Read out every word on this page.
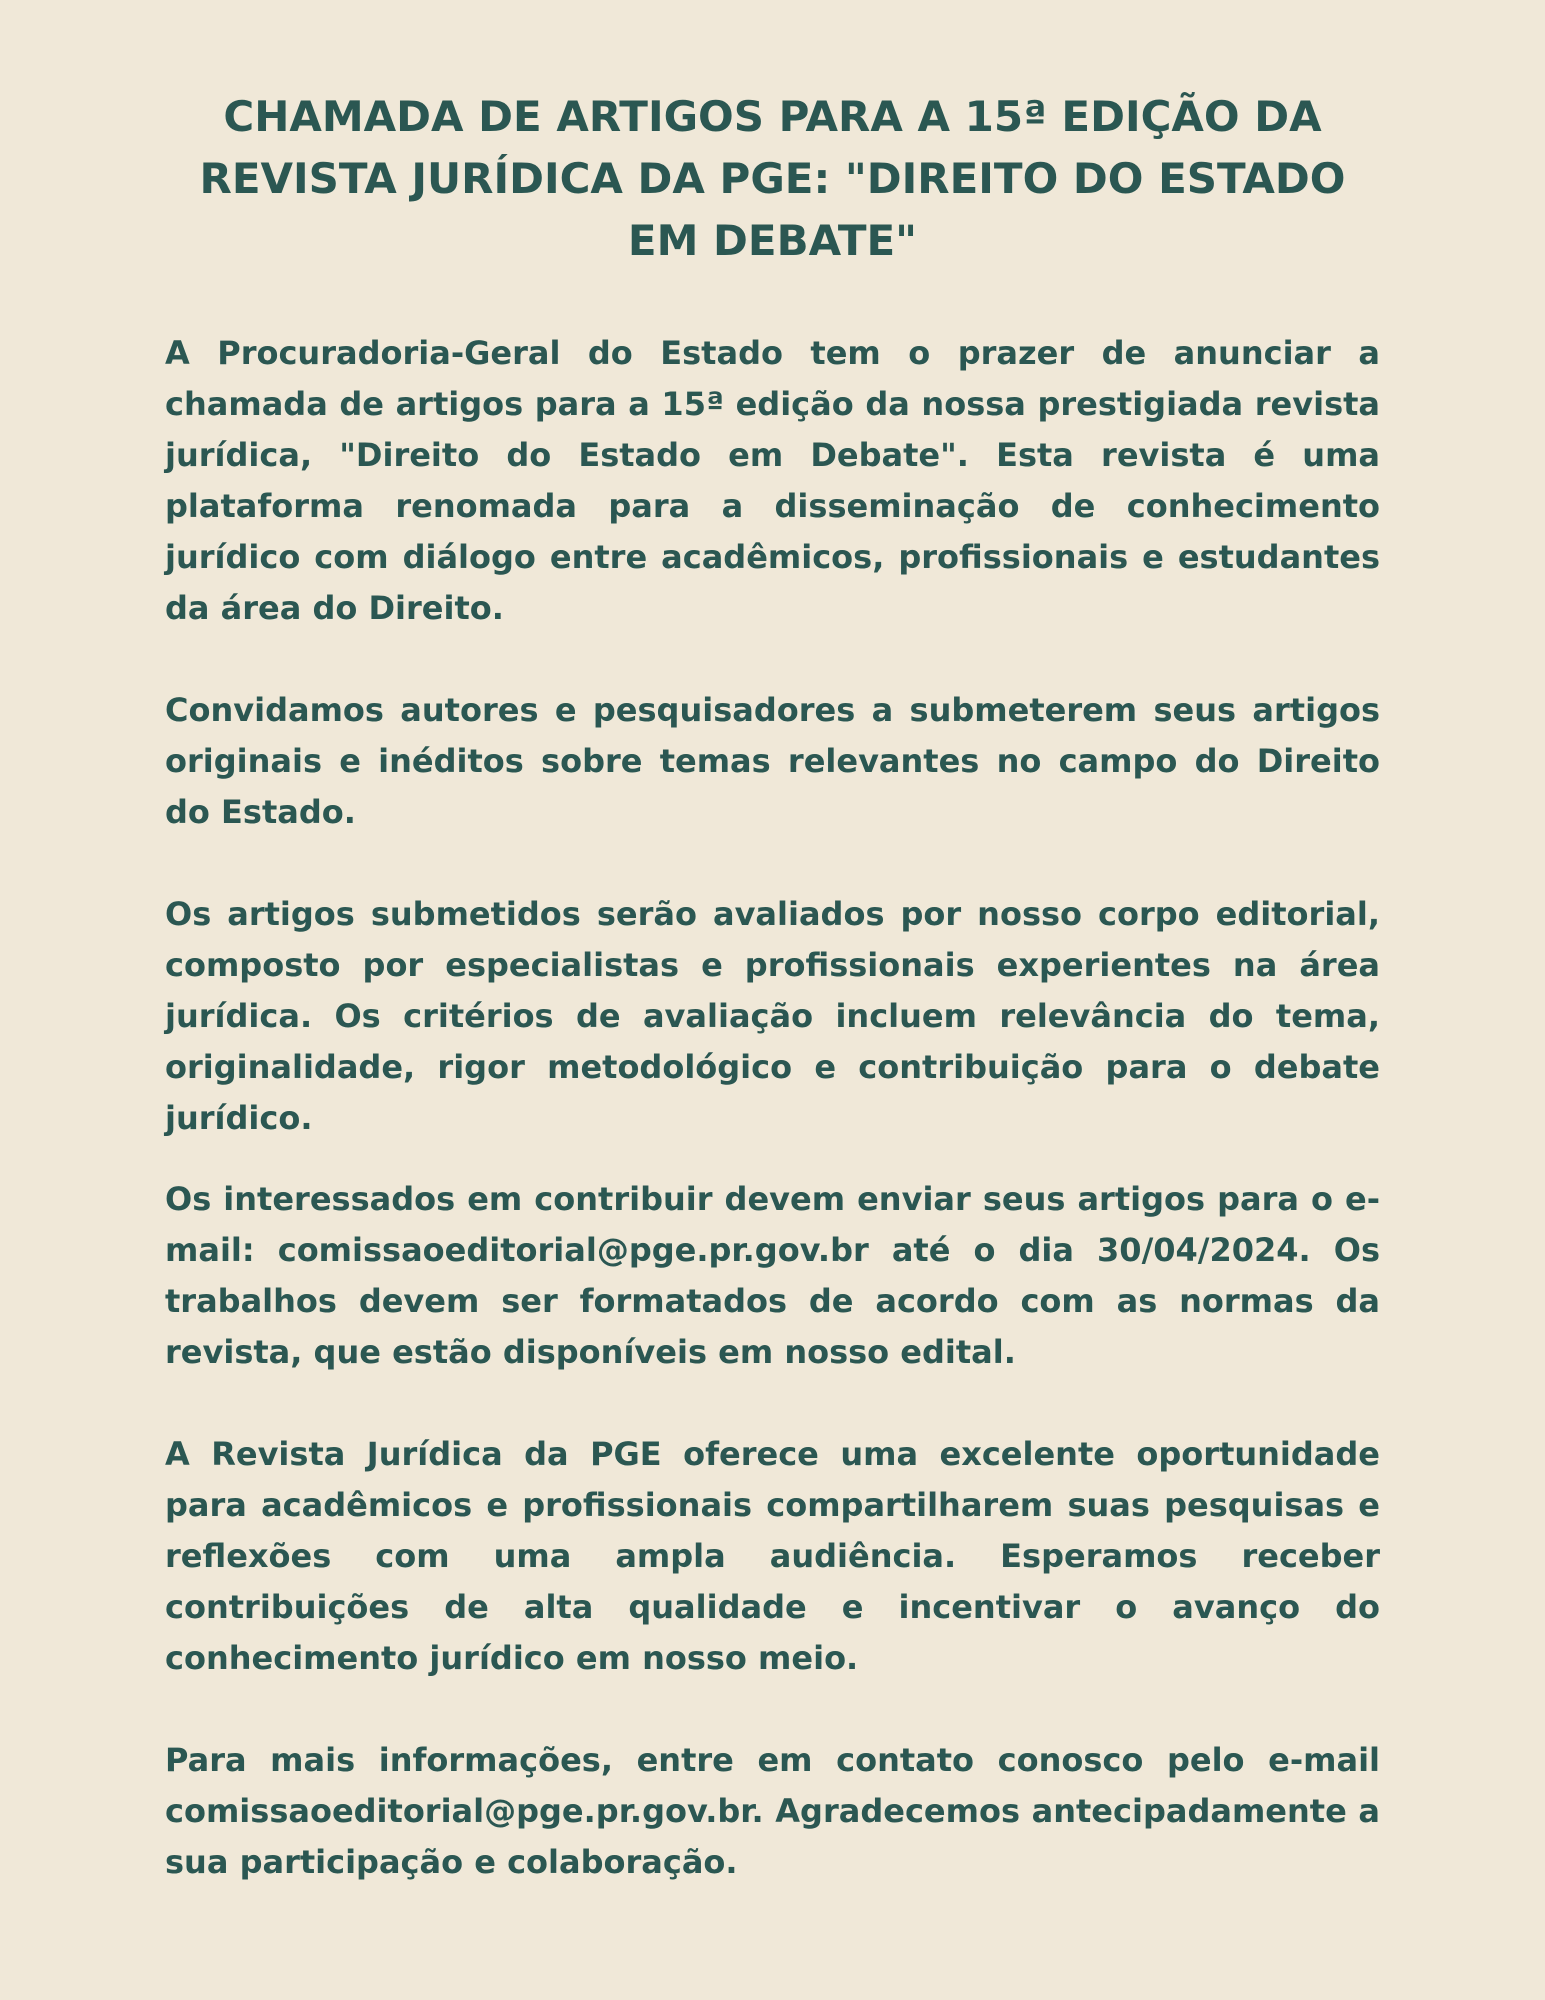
CHAMADA DE ARTIGOS PARA A 15ª EDIÇÃO DA REVISTA JURÍDICA DA PGE: "DIREITO DO ESTADO EM DEBATE"

A Procuradoria-Geral do Estado tem o prazer de anunciar a chamada de artigos para a 15ª edição da nossa prestigiada revista jurídica, "Direito do Estado em Debate". Esta revista é uma plataforma renomada para a disseminação de conhecimento jurídico com diálogo entre acadêmicos, profissionais e estudantes da área do Direito.

Convidamos autores e pesquisadores a submeterem seus artigos originais e inéditos sobre temas relevantes no campo do Direito do Estado.

Os artigos submetidos serão avaliados por nosso corpo editorial, composto por especialistas e profissionais experientes na área jurídica. Os critérios de avaliação incluem relevância do tema, originalidade, rigor metodológico e contribuição para o debate jurídico.

Os interessados em contribuir devem enviar seus artigos para o e-mail: comissaoeditorial@pge.pr.gov.br até o dia 30/04/2024. Os trabalhos devem ser formatados de acordo com as normas da revista, que estão disponíveis em nosso edital.

A Revista Jurídica da PGE oferece uma excelente oportunidade para acadêmicos e profissionais compartilharem suas pesquisas e reflexões com uma ampla audiência. Esperamos receber contribuições de alta qualidade e incentivar o avanço do conhecimento jurídico em nosso meio.

Para mais informações, entre em contato conosco pelo e-mail comissaoeditorial@pge.pr.gov.br. Agradecemos antecipadamente a sua participação e colaboração.
